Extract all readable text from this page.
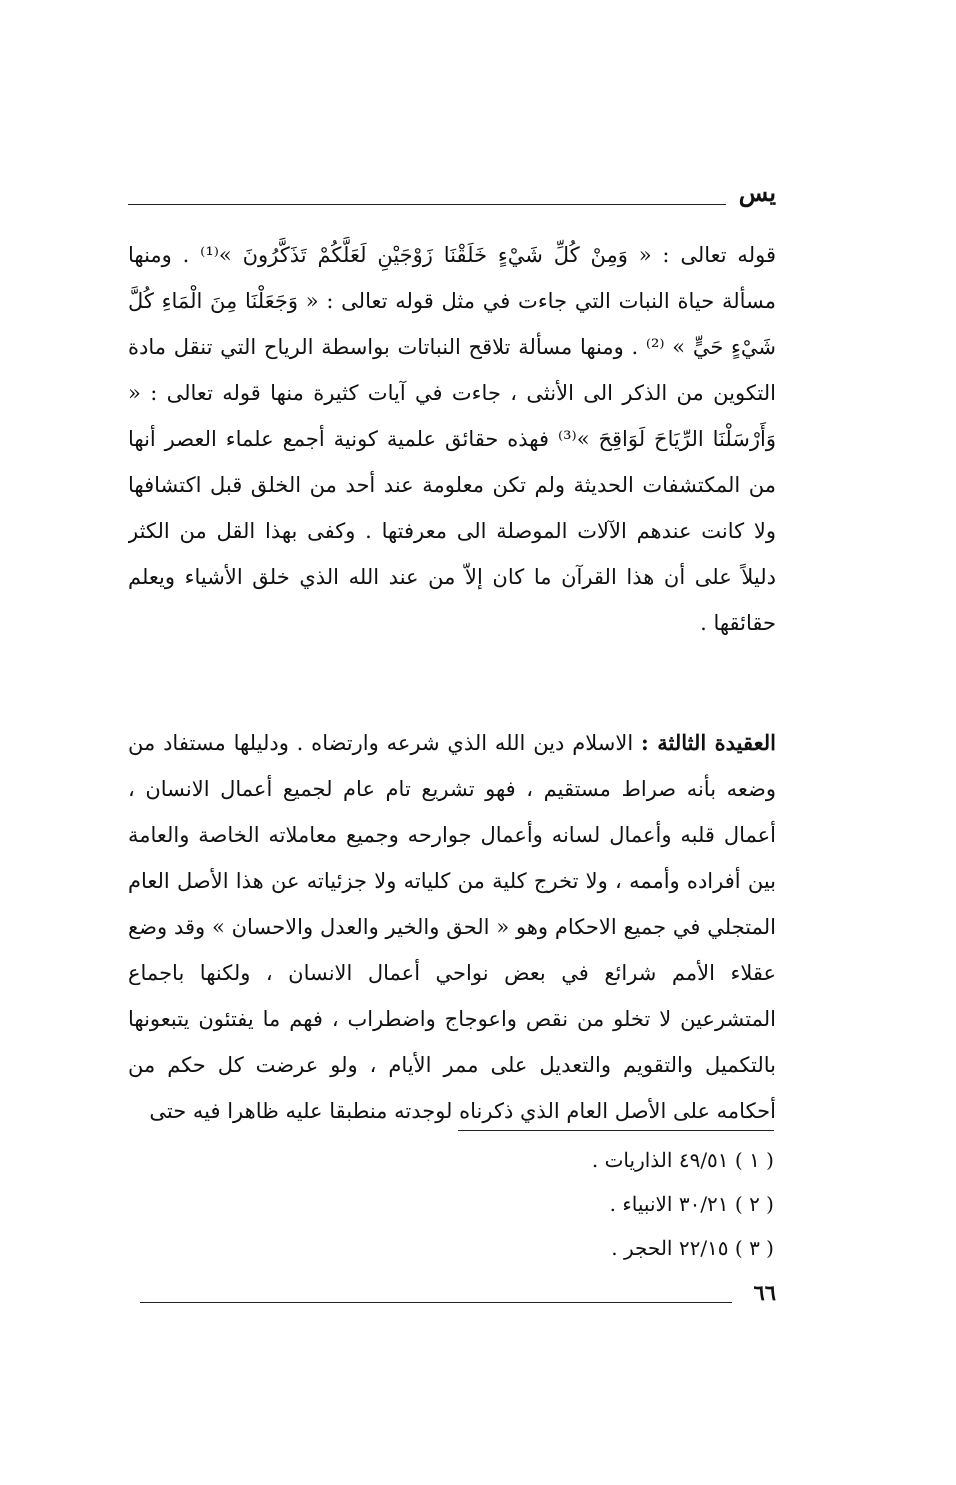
يس

قوله تعالى : « وَمِنْ كُلِّ شَيْءٍ خَلَقْنَا زَوْجَيْنِ لَعَلَّكُمْ تَذَكَّرُونَ »⁽¹⁾ . ومنها مسألة حياة النبات التي جاءت في مثل قوله تعالى : « وَجَعَلْنَا مِنَ الْمَاءِ كُلَّ شَيْءٍ حَيٍّ » ⁽²⁾ . ومنها مسألة تلاقح النباتات بواسطة الرياح التي تنقل مادة التكوين من الذكر الى الأنثى ، جاءت في آيات كثيرة منها قوله تعالى : « وَأَرْسَلْنَا الرِّيَاحَ لَوَاقِحَ »⁽³⁾ فهذه حقائق علمية كونية أجمع علماء العصر أنها من المكتشفات الحديثة ولم تكن معلومة عند أحد من الخلق قبل اكتشافها ولا كانت عندهم الآلات الموصلة الى معرفتها . وكفى بهذا القل من الكثر دليلاً على أن هذا القرآن ما كان إلاّ من عند الله الذي خلق الأشياء ويعلم حقائقها .

العقيدة الثالثة : الاسلام دين الله الذي شرعه وارتضاه . ودليلها مستفاد من وضعه بأنه صراط مستقيم ، فهو تشريع تام عام لجميع أعمال الانسان ، أعمال قلبه وأعمال لسانه وأعمال جوارحه وجميع معاملاته الخاصة والعامة بين أفراده وأممه ، ولا تخرج كلية من كلياته ولا جزئياته عن هذا الأصل العام المتجلي في جميع الاحكام وهو « الحق والخير والعدل والاحسان » وقد وضع عقلاء الأمم شرائع في بعض نواحي أعمال الانسان ، ولكنها باجماع المتشرعين لا تخلو من نقص واعوجاج واضطراب ، فهم ما يفتئون يتبعونها بالتكميل والتقويم والتعديل على ممر الأيام ، ولو عرضت كل حكم من أحكامه على الأصل العام الذي ذكرناه لوجدته منطبقا عليه ظاهرا فيه حتى

( ١ ) ٤٩/٥١ الذاريات .
( ٢ ) ٣٠/٢١ الانبياء .
( ٣ ) ٢٢/١٥ الحجر .
٦٦
